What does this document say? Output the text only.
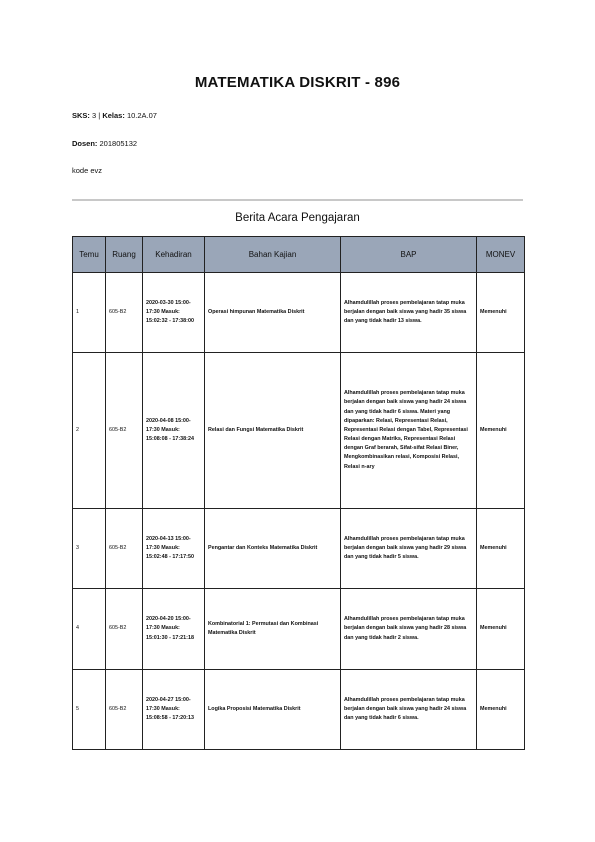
MATEMATIKA DISKRIT - 896
SKS: 3 | Kelas: 10.2A.07
Dosen: 201805132
kode evz
Berita Acara Pengajaran
Temu	Ruang	Kehadiran	Bahan Kajian	BAP	MONEV
1	605-B2	2020-03-30 15:00-17:30 Masuk: 15:02:32 - 17:38:00	Operasi himpunan Matematika Diskrit	Alhamdulillah proses pembelajaran tatap muka berjalan dengan baik siswa yang hadir 35 siswa dan yang tidak hadir 13 siswa.	Memenuhi
2	605-B2	2020-04-08 15:00-17:30 Masuk: 15:08:08 - 17:38:24	Relasi dan Fungsi Matematika Diskrit	Alhamdulillah proses pembelajaran tatap muka berjalan dengan baik siswa yang hadir 24 siswa dan yang tidak hadir 6 siswa. Materi yang dipaparkan: Relasi, Representasi Relasi, Representasi Relasi dengan Tabel, Representasi Relasi dengan Matriks, Representasi Relasi dengan Graf berarah, Sifat-sifat Relasi Biner, Mengkombinasikan relasi, Komposisi Relasi, Relasi n-ary	Memenuhi
3	605-B2	2020-04-13 15:00-17:30 Masuk: 15:02:48 - 17:17:50	Pengantar dan Konteks Matematika Diskrit	Alhamdulillah proses pembelajaran tatap muka berjalan dengan baik siswa yang hadir 29 siswa dan yang tidak hadir 5 siswa.	Memenuhi
4	605-B2	2020-04-20 15:00-17:30 Masuk: 15:01:30 - 17:21:18	Kombinatorial 1: Permutasi dan Kombinasi Matematika Diskrit	Alhamdulillah proses pembelajaran tatap muka berjalan dengan baik siswa yang hadir 28 siswa dan yang tidak hadir 2 siswa.	Memenuhi
5	605-B2	2020-04-27 15:00-17:30 Masuk: 15:08:58 - 17:20:13	Logika Proposisi Matematika Diskrit	Alhamdulillah proses pembelajaran tatap muka berjalan dengan baik siswa yang hadir 24 siswa dan yang tidak hadir 6 siswa.	Memenuhi
